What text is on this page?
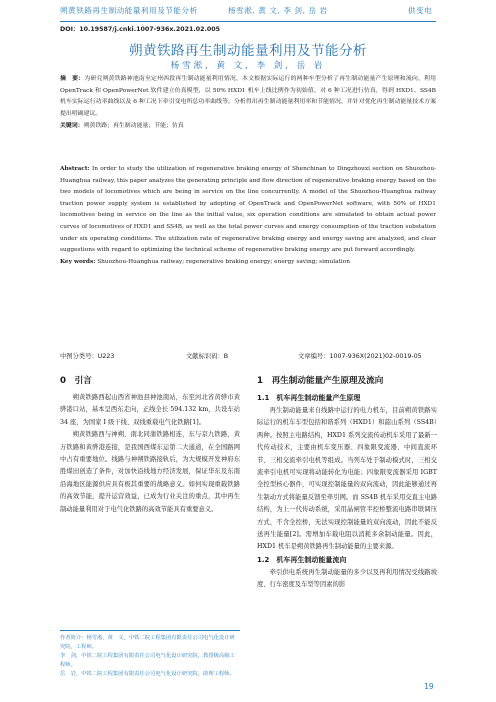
朔黄铁路再生制动能量利用及节能分析	杨雪淞, 黄 文, 李 剑, 岳 岩	供变电
DOI：10.19587/j.cnki.1007-936x.2021.02.005
朔黄铁路再生制动能量利用及节能分析
杨雪淞, 黄 文, 李 剑, 岳 岩
摘　要：为研究朔黄铁路神池南至定州西段再生制动能量利用情况，本文根据实际运行的两种车型分析了再生制动能量产生原理和流向，利用 OpenTrack 和 OpenPowerNet 软件建立仿真模型，以 50% HXD1 机车上线比例作为初始值，对 6 种工况进行仿真，得到 HXD1、SS4B 机车实际运行功率曲线以及 6 种工况下牵引变电所总功率曲线等，分析得出再生制动能量利用率和节能情况，并针对优化再生制动能量技术方案提出明确建议。
关键词：朔黄铁路；再生制动能量；节能；仿真
Abstract: In order to study the utilization of regenerative braking energy of Shenchinan to Dingzhouxi section on Shuozhou-Huanghua railway, this paper analyzes the generating principle and flow direction of regenerative braking energy based on the two models of locomotives which are being in service on the line concurrently. A model of the Shuozhou-Huanghua railway traction power supply system is established by adopting of OpenTrack and OpenPowerNet software, with 50% of HXD1 locomotives being in service on the line as the initial value, six operation conditions are simulated to obtain actual power curves of locomotives of HXD1 and SS4B, as well as the total power curves and energy consumption of the traction substation under six operating conditions. The utilization rate of regenerative braking energy and energy saving are analyzed, and clear suggestions with regard to optimizing the technical scheme of regenerative braking energy are put forward accordingly.
Key words: Shuozhou-Huanghua railway; regenerative braking energy; energy saving; simulation
中图分类号：U223	文献标识码：B	文章编号：1007-936X(2021)02-0019-05
0　引言

朔黄铁路西起山西省神池县神池南站，东至河北省黄骅市黄骅港口站，基本呈西东走向，正线全长 594.132 km，共设车站 34 座，为国家 I 级干线、双线重载电气化铁路[1]。

朔黄铁路西与神朔、南北同蒲铁路相连，东与京九铁路、黄万铁路和黄骅港连接，是我国西煤东运第二大通道，在全国路网中占有重要地位。线路与神朔铁路接轨后，为大规模开发神府东胜煤田创造了条件，对加快沿线地方经济发展，保证华东及东南沿海地区能源供应具有极其重要的战略意义。如何实现重载铁路的高效节能，提升运营效益，已成为行业关注的重点，其中再生制动能量利用对于电气化铁路的高效节能具有重要意义。

1　再生制动能量产生原理及流向
1.1　机车再生制动能量产生原理

再生制动能量来自线路中运行的电力机车，目前朔黄铁路实际运行的机车车型包括和谐系列（HXD1）和韶山系列（SS4B）两种。按照主电路结构，HXD1 系列交流传动机车采用了最新一代传动技术，主要由机车变压器、四象限变流器、中间直流环节、三相交流牵引电机等组成。当列车处于制动模式时，三相交流牵引电机可实现将动能转化为电能；四象限变流器采用 IGBT 全控型核心器件，可实现控制能量的双向流动，因此能够通过再生制动方式将能量反馈至牵引网。而 SS4B 机车采用交直主电路结构，为上一代传动系统，采用晶闸管半控桥整流电路串联调压方式，不含全控桥，无法实现控制能量的双向流动，因此不能反送再生能量[2]。需增加车载电阻以消耗多余制动能量。因此，HXD1 机车是朔黄铁路再生制动能量的主要来源。

1.2　机车再生制动能量流向

牵引供电系统再生制动能量的多少以及再利用情况受线路坡度、行车密度及车型等因素的影

作者简介：杨雪淞，黄　文，中铁二院工程集团有限责任公司电气化设计研究院，工程师。
李　剑，中铁二院工程集团有限责任公司电气化设计研究院，教授级高级工程师。
岳　岩，中铁二院工程集团有限责任公司电气化设计研究院，助理工程师。
19
